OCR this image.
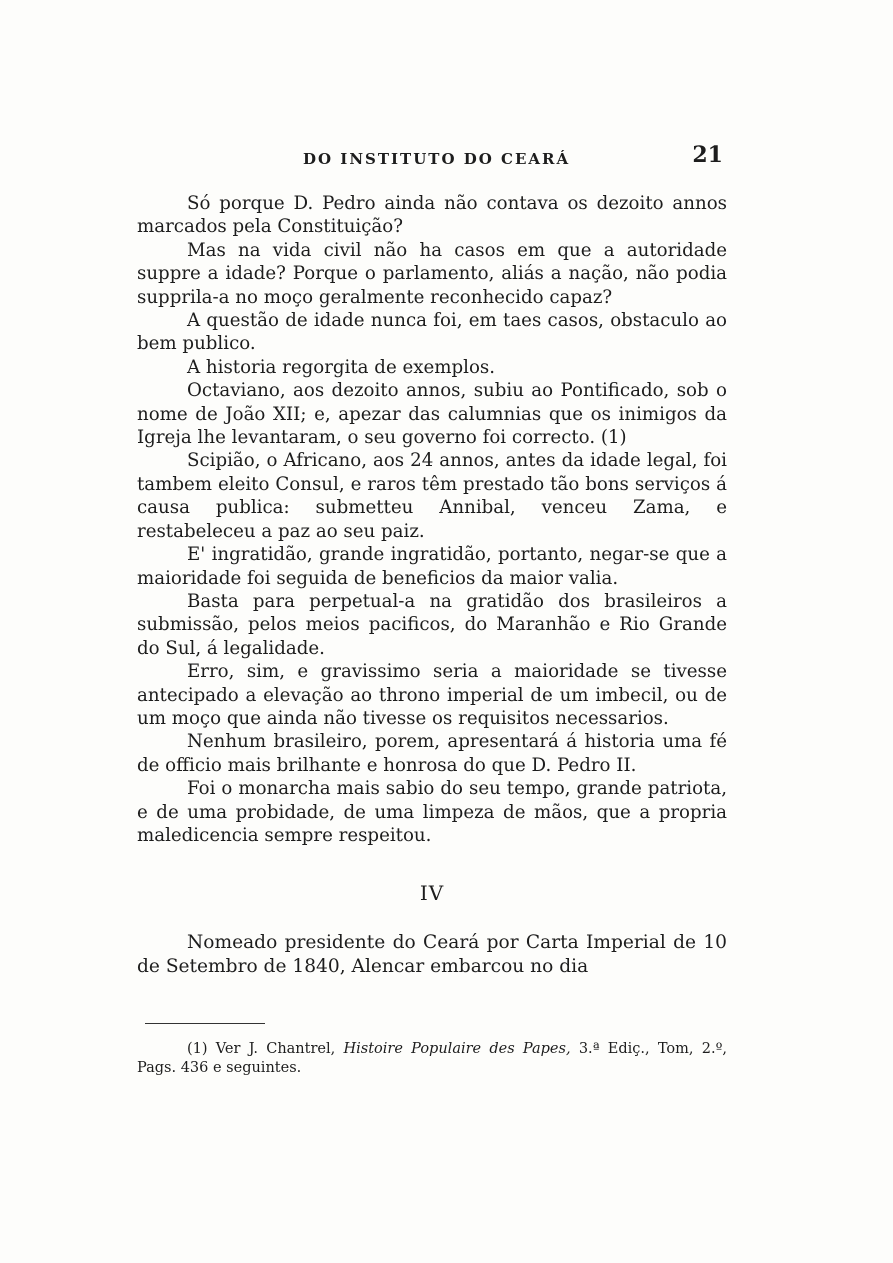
DO INSTITUTO DO CEARÁ	21

Só porque D. Pedro ainda não contava os dezoito annos marcados pela Constituição?

Mas na vida civil não ha casos em que a autoridade suppre a idade? Porque o parlamento, aliás a nação, não podia supprila-a no moço geralmente reconhecido capaz?

A questão de idade nunca foi, em taes casos, obstaculo ao bem publico.

A historia regorgita de exemplos.

Octaviano, aos dezoito annos, subiu ao Pontificado, sob o nome de João XII; e, apezar das calumnias que os inimigos da Igreja lhe levantaram, o seu governo foi correcto. (1)

Scipião, o Africano, aos 24 annos, antes da idade legal, foi tambem eleito Consul, e raros têm prestado tão bons serviços á causa publica: submetteu Annibal, venceu Zama, e restabeleceu a paz ao seu paiz.

E' ingratidão, grande ingratidão, portanto, negar-se que a maioridade foi seguida de beneficios da maior valia.

Basta para perpetual-a na gratidão dos brasileiros a submissão, pelos meios pacificos, do Maranhão e Rio Grande do Sul, á legalidade.

Erro, sim, e gravissimo seria a maioridade se tivesse antecipado a elevação ao throno imperial de um imbecil, ou de um moço que ainda não tivesse os requisitos necessarios.

Nenhum brasileiro, porem, apresentará á historia uma fé de officio mais brilhante e honrosa do que D. Pedro II.

Foi o monarcha mais sabio do seu tempo, grande patriota, e de uma probidade, de uma limpeza de mãos, que a propria maledicencia sempre respeitou.

IV

Nomeado presidente do Ceará por Carta Imperial de 10 de Setembro de 1840, Alencar embarcou no dia

(1) Ver J. Chantrel, Histoire Populaire des Papes, 3.ª Ediç., Tom, 2.º, Pags. 436 e seguintes.
